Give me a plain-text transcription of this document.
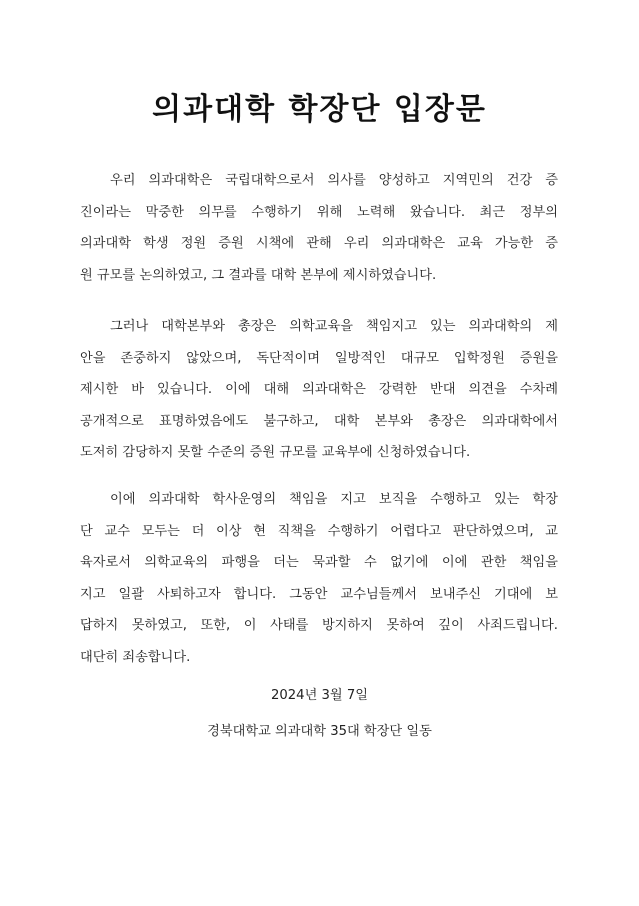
의과대학 학장단 입장문
우리 의과대학은 국립대학으로서 의사를 양성하고 지역민의 건강 증
진이라는 막중한 의무를 수행하기 위해 노력해 왔습니다. 최근 정부의
의과대학 학생 정원 증원 시책에 관해 우리 의과대학은 교육 가능한 증
원 규모를 논의하였고, 그 결과를 대학 본부에 제시하였습니다.
그러나 대학본부와 총장은 의학교육을 책임지고 있는 의과대학의 제
안을 존중하지 않았으며, 독단적이며 일방적인 대규모 입학정원 증원을
제시한 바 있습니다. 이에 대해 의과대학은 강력한 반대 의견을 수차례
공개적으로 표명하였음에도 불구하고, 대학 본부와 총장은 의과대학에서
도저히 감당하지 못할 수준의 증원 규모를 교육부에 신청하였습니다.
이에 의과대학 학사운영의 책임을 지고 보직을 수행하고 있는 학장
단 교수 모두는 더 이상 현 직책을 수행하기 어렵다고 판단하였으며, 교
육자로서 의학교육의 파행을 더는 묵과할 수 없기에 이에 관한 책임을
지고 일괄 사퇴하고자 합니다. 그동안 교수님들께서 보내주신 기대에 보
답하지 못하였고, 또한, 이 사태를 방지하지 못하여 깊이 사죄드립니다.
대단히 죄송합니다.
2024년 3월 7일
경북대학교 의과대학 35대 학장단 일동
